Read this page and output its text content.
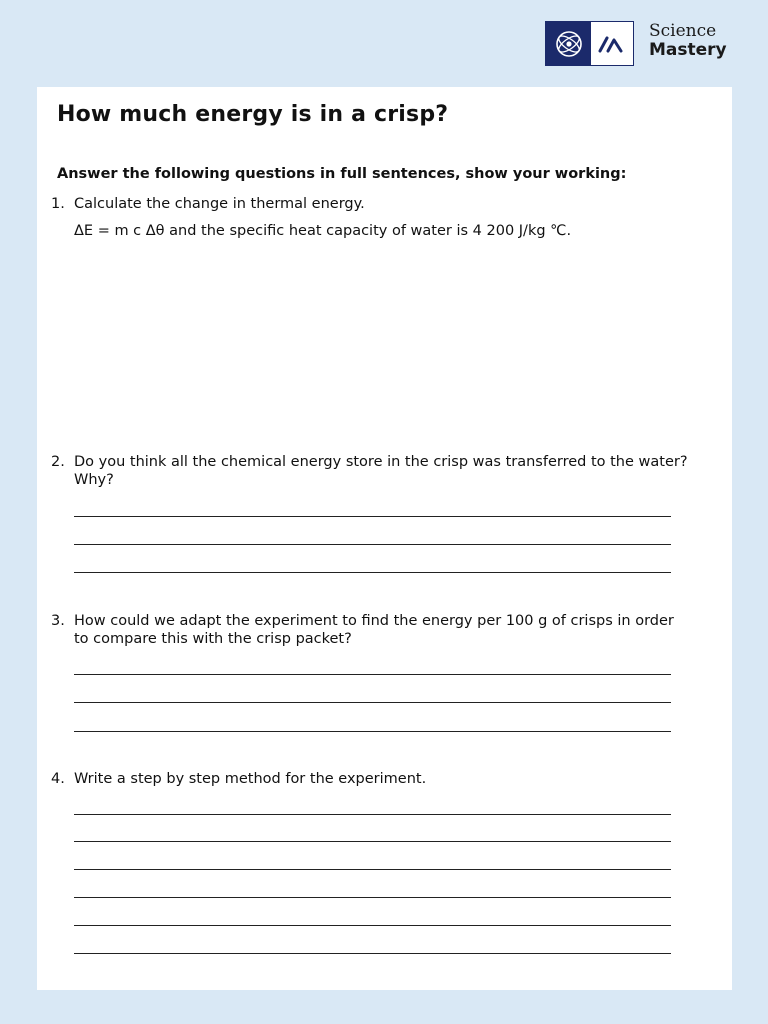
Science
Mastery
How much energy is in a crisp?
Answer the following questions in full sentences, show your working:
1. Calculate the change in thermal energy.
ΔE = m c Δθ and the specific heat capacity of water is 4 200 J/kg ℃.
2. Do you think all the chemical energy store in the crisp was transferred to the water? Why?
3. How could we adapt the experiment to find the energy per 100 g of crisps in order to compare this with the crisp packet?
4. Write a step by step method for the experiment.
